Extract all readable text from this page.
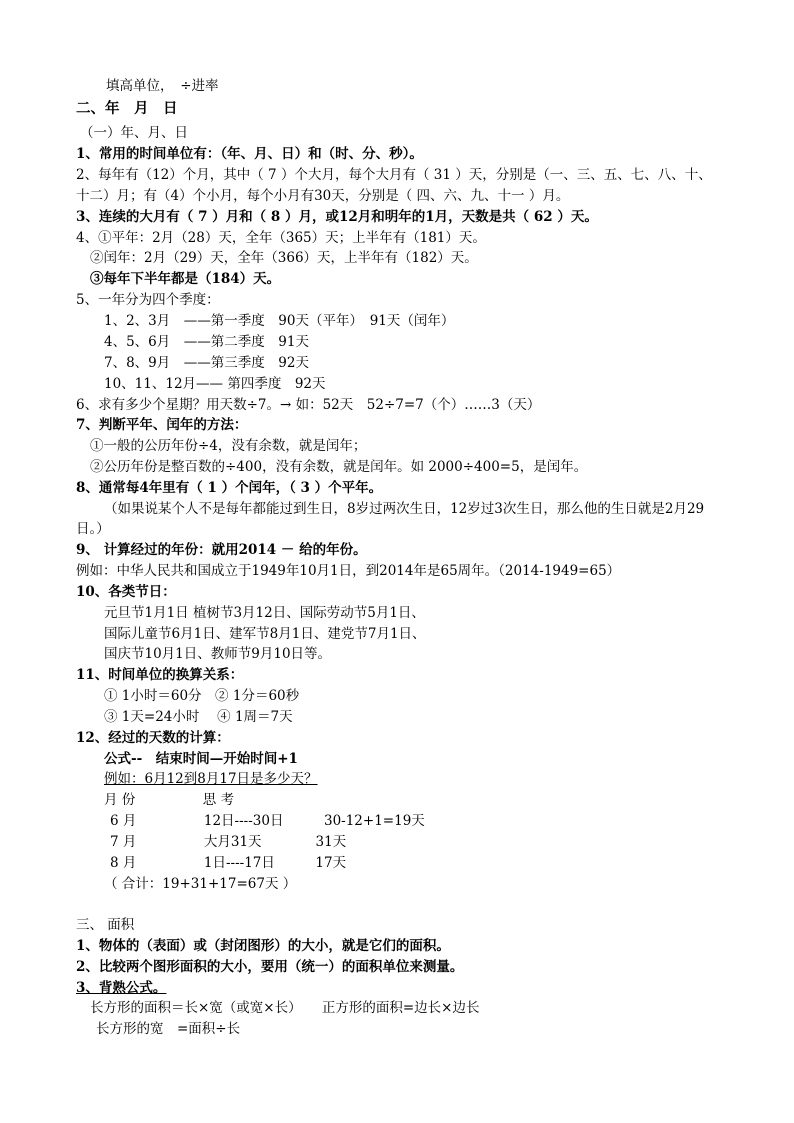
填高单位，　÷进率
二、年　月　日
（一）年、月、日
1、常用的时间单位有：（年、月、日）和（时、分、秒）。
2、每年有（12）个月，其中（ 7 ）个大月，每个大月有（ 31 ）天，分别是（一、三、五、七、八、十、
十二）月；有（4）个小月，每个小月有30天，分别是（ 四、六、九、十一 ）月。
3、连续的大月有（ 7 ）月和（ 8 ）月，或12月和明年的1月，天数是共（ 62 ）天。
4、①平年：2月（28）天，全年（365）天；上半年有（181）天。
②闰年：2月（29）天，全年（366）天，上半年有（182）天。
③每年下半年都是（184）天。
5、一年分为四个季度：
1、2、3月　——第一季度　90天（平年）　91天（闰年）
4、5、6月　——第二季度　91天
7、8、9月　——第三季度　92天
10、11、12月—— 第四季度　92天
6、求有多少个星期？用天数÷7。→ 如：52天　52÷7=7（个）……3（天）
7、判断平年、闰年的方法：
①一般的公历年份÷4，没有余数，就是闰年；
②公历年份是整百数的÷400，没有余数，就是闰年。如 2000÷400=5，是闰年。
8、通常每4年里有（ 1 ）个闰年，（ 3 ）个平年。
（如果说某个人不是每年都能过到生日，8岁过两次生日，12岁过3次生日，那么他的生日就是2月29
日。）
9、 计算经过的年份：就用2014 － 给的年份。
例如：中华人民共和国成立于1949年10月1日，到2014年是65周年。（2014-1949=65）
10、各类节日：
元旦节1月1日 植树节3月12日、国际劳动节5月1日、
国际儿童节6月1日、建军节8月1日、建党节7月1日、
国庆节10月1日、教师节9月10日等。
11、时间单位的换算关系：
① 1小时＝60分　② 1分＝60秒
③ 1天=24小时　 ④ 1周＝7天
12、经过的天数的计算：
公式--　结束时间—开始时间+1
例如：6月12到8月17日是多少天？
月 份　　　　　思 考
6 月　　　　　12日----30日　　　30-12+1=19天
7 月　　　　　大月31天　　　　31天
8 月　　　　　1日----17日　　　17天
（ 合计：19+31+17=67天 ）
三、 面积
1、物体的（表面）或（封闭图形）的大小，就是它们的面积。
2、比较两个图形面积的大小，要用（统一）的面积单位来测量。
3、背熟公式。
长方形的面积＝长×宽（或宽×长）　　正方形的面积=边长×边长
长方形的宽　=面积÷长
